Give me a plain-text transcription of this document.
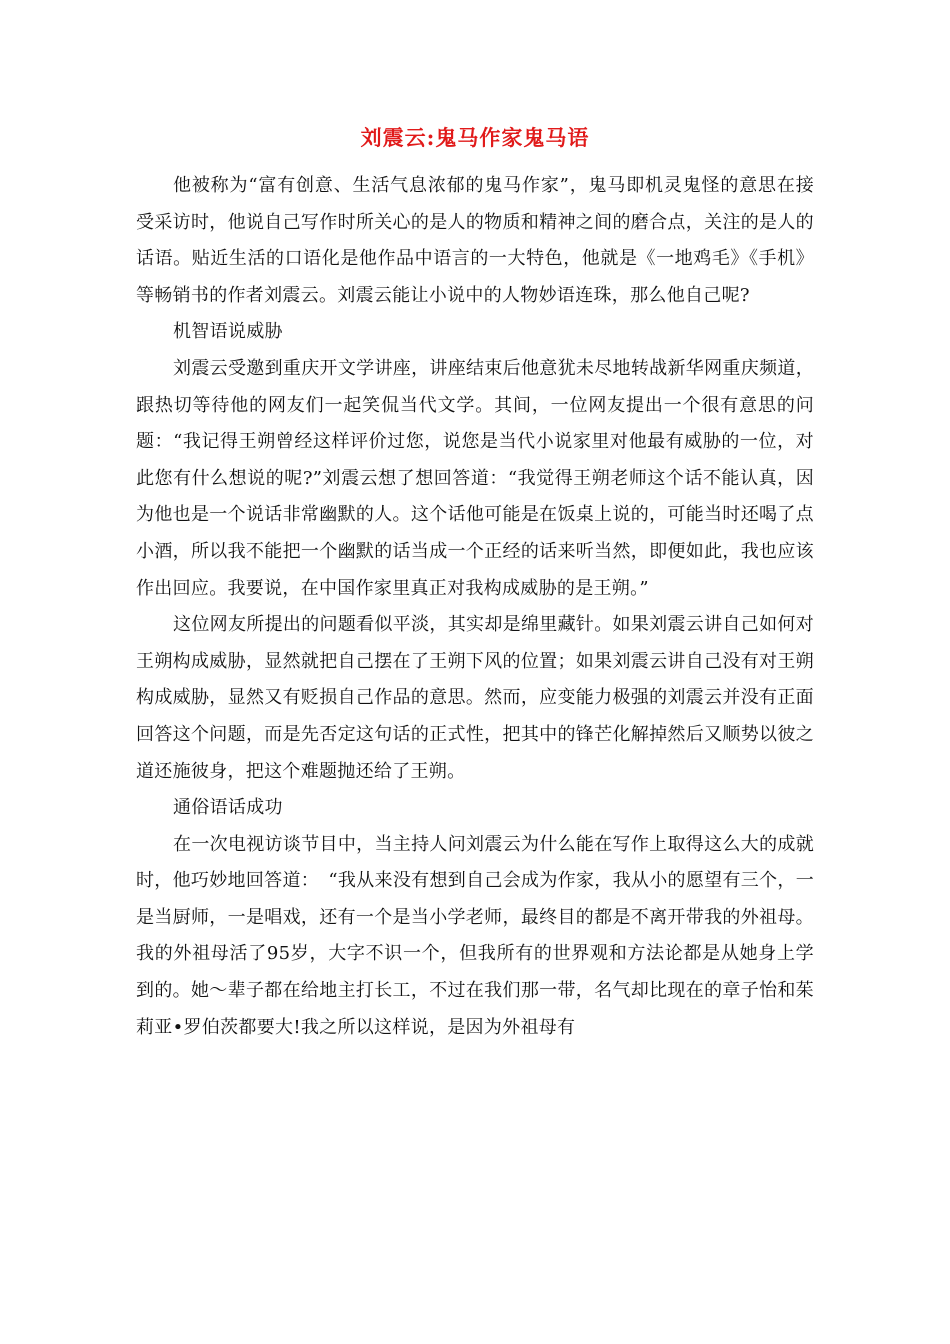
刘震云:鬼马作家鬼马语

他被称为“富有创意、生活气息浓郁的鬼马作家”，鬼马即机灵鬼怪的意思在接受采访时，他说自己写作时所关心的是人的物质和精神之间的磨合点，关注的是人的话语。贴近生活的口语化是他作品中语言的一大特色，他就是《一地鸡毛》《手机》等畅销书的作者刘震云。刘震云能让小说中的人物妙语连珠，那么他自己呢?

机智语说威胁

刘震云受邀到重庆开文学讲座，讲座结束后他意犹未尽地转战新华网重庆频道，跟热切等待他的网友们一起笑侃当代文学。其间，一位网友提出一个很有意思的问题：“我记得王朔曾经这样评价过您，说您是当代小说家里对他最有威胁的一位，对此您有什么想说的呢?”刘震云想了想回答道：“我觉得王朔老师这个话不能认真，因为他也是一个说话非常幽默的人。这个话他可能是在饭桌上说的，可能当时还喝了点小酒，所以我不能把一个幽默的话当成一个正经的话来听当然，即便如此，我也应该作出回应。我要说，在中国作家里真正对我构成威胁的是王朔。”

这位网友所提出的问题看似平淡，其实却是绵里藏针。如果刘震云讲自己如何对王朔构成威胁，显然就把自己摆在了王朔下风的位置；如果刘震云讲自己没有对王朔构成威胁，显然又有贬损自己作品的意思。然而，应变能力极强的刘震云并没有正面回答这个问题，而是先否定这句话的正式性，把其中的锋芒化解掉然后又顺势以彼之道还施彼身，把这个难题抛还给了王朔。

通俗语话成功

在一次电视访谈节目中，当主持人问刘震云为什么能在写作上取得这么大的成就时，他巧妙地回答道：　“我从来没有想到自己会成为作家，我从小的愿望有三个，一是当厨师，一是唱戏，还有一个是当小学老师，最终目的都是不离开带我的外祖母。我的外祖母活了95岁，大字不识一个，但我所有的世界观和方法论都是从她身上学到的。她～辈子都在给地主打长工，不过在我们那一带，名气却比现在的章子怡和茱莉亚•罗伯茨都要大!我之所以这样说，是因为外祖母有
